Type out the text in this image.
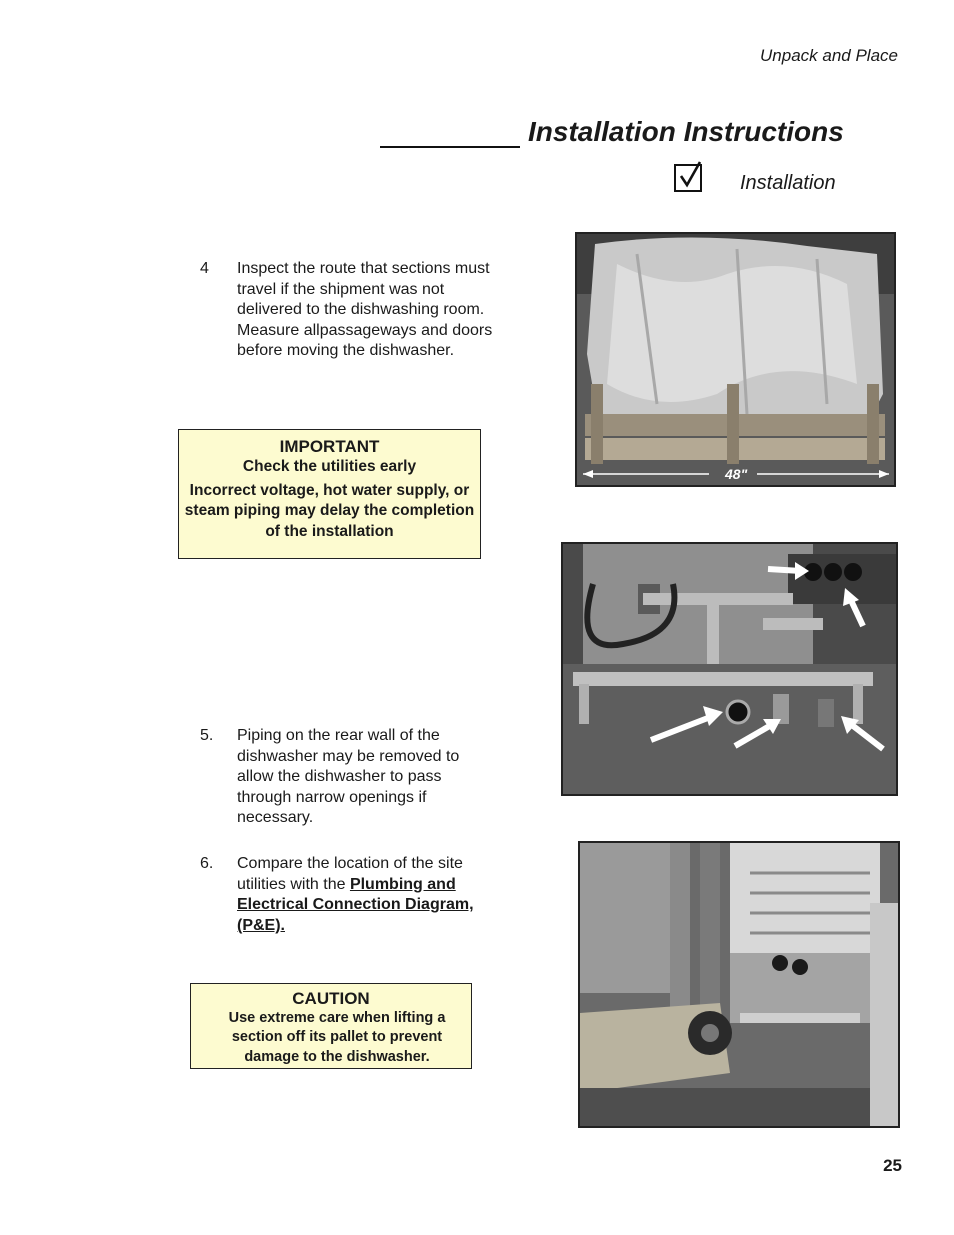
Unpack and Place
Installation Instructions
Installation
4 Inspect the route that sections must travel if the shipment was not delivered to the dishwashing room. Measure allpassageways and doors before moving the dishwasher.
IMPORTANT
Check the utilities early
Incorrect voltage, hot water supply, or steam piping may delay the completion of the installation
5. Piping on the rear wall of the dishwasher may be removed to allow the dishwasher to pass through narrow openings if necessary.
6. Compare the location of the site utilities with the Plumbing and Electrical Connection Diagram, (P&E).
CAUTION
Use extreme care when lifting a section off its pallet to prevent damage to the dishwasher.
48"
25
